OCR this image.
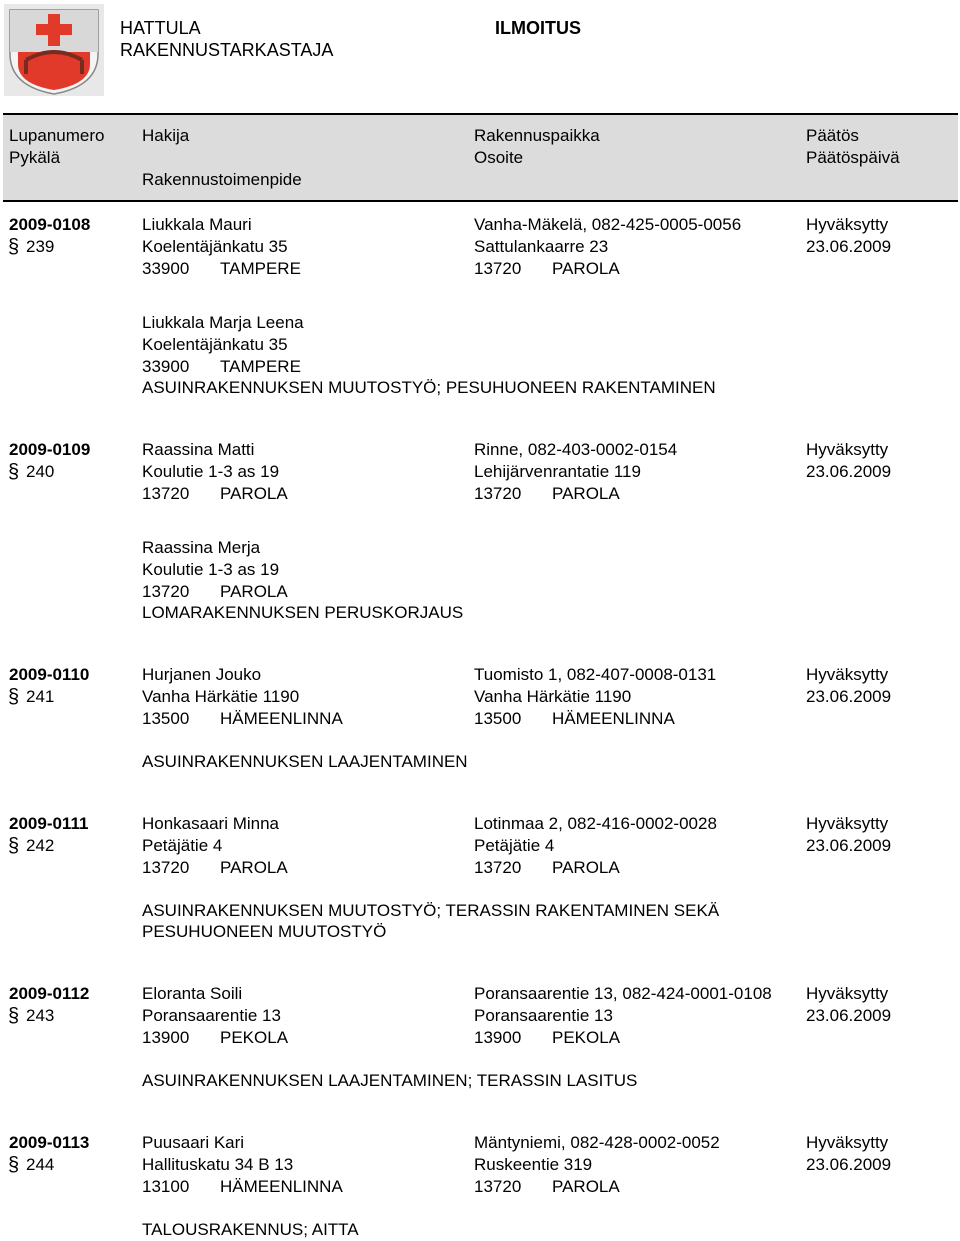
HATTULA
RAKENNUSTARKASTAJA
ILMOITUS
Lupanumero
Pykälä
Hakija

Rakennustoimenpide
Rakennuspaikka
Osoite
Päätös
Päätöspäivä
2009-0108
§ 239
Liukkala Mauri
Koelentäjänkatu 35
33900 TAMPERE
Vanha-Mäkelä, 082-425-0005-0056
Sattulankaarre 23
13720 PAROLA
Hyväksytty
23.06.2009
Liukkala Marja Leena
Koelentäjänkatu 35
33900 TAMPERE
ASUINRAKENNUKSEN MUUTOSTYÖ; PESUHUONEEN RAKENTAMINEN
2009-0109
§ 240
Raassina Matti
Koulutie 1-3 as 19
13720 PAROLA
Rinne, 082-403-0002-0154
Lehijärvenrantatie 119
13720 PAROLA
Hyväksytty
23.06.2009
Raassina Merja
Koulutie 1-3 as 19
13720 PAROLA
LOMARAKENNUKSEN PERUSKORJAUS
2009-0110
§ 241
Hurjanen Jouko
Vanha Härkätie 1190
13500 HÄMEENLINNA
Tuomisto 1, 082-407-0008-0131
Vanha Härkätie 1190
13500 HÄMEENLINNA
Hyväksytty
23.06.2009
ASUINRAKENNUKSEN LAAJENTAMINEN
2009-0111
§ 242
Honkasaari Minna
Petäjätie 4
13720 PAROLA
Lotinmaa 2, 082-416-0002-0028
Petäjätie 4
13720 PAROLA
Hyväksytty
23.06.2009
ASUINRAKENNUKSEN MUUTOSTYÖ; TERASSIN RAKENTAMINEN SEKÄ
PESUHUONEEN MUUTOSTYÖ
2009-0112
§ 243
Eloranta Soili
Poransaarentie 13
13900 PEKOLA
Poransaarentie 13, 082-424-0001-0108
Poransaarentie 13
13900 PEKOLA
Hyväksytty
23.06.2009
ASUINRAKENNUKSEN LAAJENTAMINEN; TERASSIN LASITUS
2009-0113
§ 244
Puusaari Kari
Hallituskatu 34 B 13
13100 HÄMEENLINNA
Mäntyniemi, 082-428-0002-0052
Ruskeentie 319
13720 PAROLA
Hyväksytty
23.06.2009
TALOUSRAKENNUS; AITTA
